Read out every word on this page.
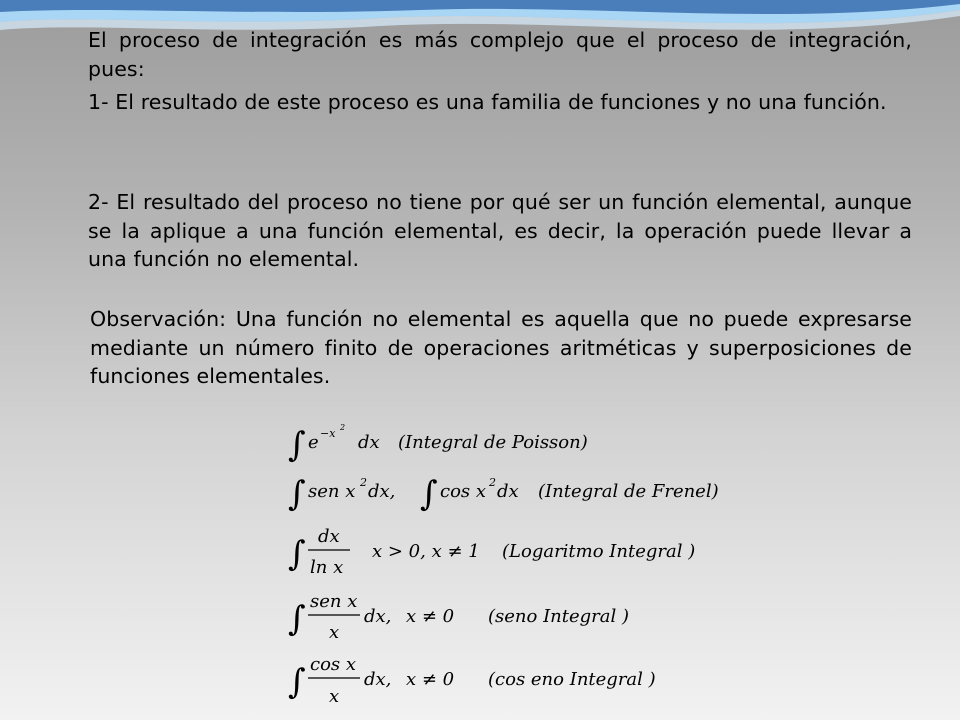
El proceso de integración es más complejo que el proceso de integración, pues:
1- El resultado de este proceso es una familia de funciones y no una función.
2- El resultado del proceso no tiene por qué ser un función elemental, aunque se la aplique a una función elemental, es decir, la operación puede llevar a una función no elemental.
Observación: Una función no elemental es aquella que no puede expresarse mediante un número finito de operaciones aritméticas y superposiciones de funciones elementales.
∫ e −x 2
dx (Integral de Poisson)
∫ sen x 2 dx, ∫ cos x 2 dx (Integral de Frenel)
∫ dx
ln x
x > 0, x ≠ 1 (Logaritmo Integral )
∫ sen x
x
dx, x ≠ 0 (seno Integral )
∫ cos x
x
dx, x ≠ 0 (cos eno Integral )
